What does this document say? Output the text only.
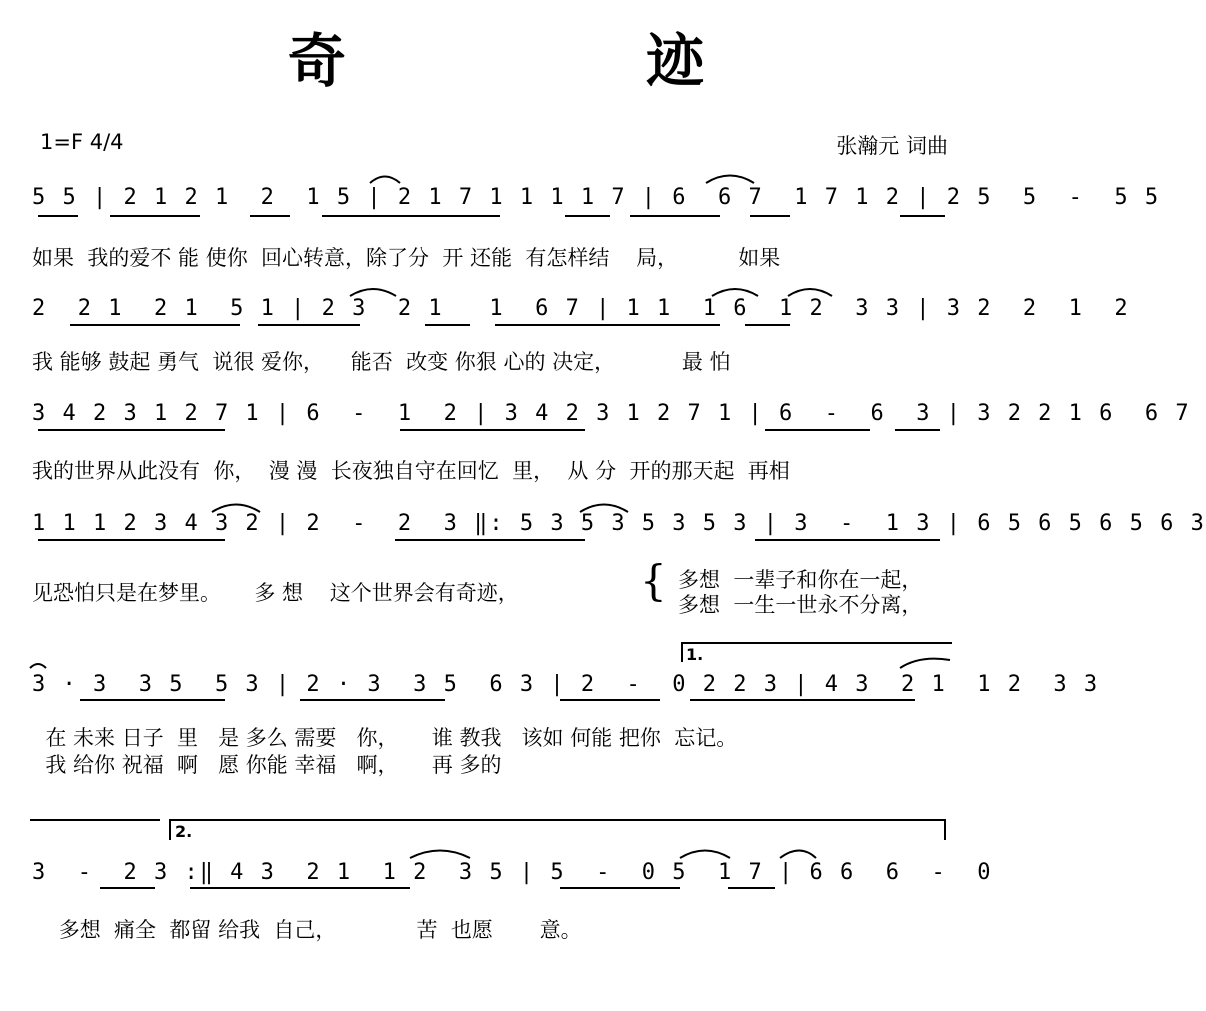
奇 迹
1=F 4/4	张瀚元 词曲
5 5 | 2 1 2 1  2  1 5 | 2 1 7 1 1 1 1 7 | 6  6 7  1 7 1 2 | 2 5  5  -  5 5
如果  我的爱不 能 使你  回心转意，除了分  开 还能  有怎样结    局，         如果
2  2 1  2 1  5 1 | 2 3  2 1   1  6 7 | 1 1  1 6  1 2  3 3 | 3 2  2  1  2
我 能够 鼓起 勇气  说很 爱你，    能否  改变 你狠 心的 决定，          最 怕
3 4 2 3 1 2 7 1 | 6  -  1  2 | 3 4 2 3 1 2 7 1 | 6  -  6  3 | 3 2 2 1 6  6 7
我的世界从此没有  你，  漫 漫  长夜独自守在回忆  里，  从 分  开的那天起  再相
1 1 1 2 3 4 3 2 | 2  -  2  3 ‖: 5 3 5 3 5 3 5 3 | 3  -  1 3 | 6 5 6 5 6 5 6 3
见恐怕只是在梦里。     多 想    这个世界会有奇迹，	{ 多想  一辈子和你在一起，
多想  一生一世永不分离，
1.
3 · 3  3 5  5 3 | 2 · 3  3 5  6 3 | 2  -  0 2 2 3 | 4 3  2 1  1 2  3 3
在 未来 日子  里   是 多么 需要   你，     谁 教我   该如 何能 把你  忘记。
我 给你 祝福  啊   愿 你能 幸福   啊，     再 多的
2.
3  -  2 3 :‖ 4 3  2 1  1 2  3 5 | 5  -  0 5  1 7 | 6 6  6  -  0
多想  痛全  都留 给我  自己，            苦  也愿       意。
